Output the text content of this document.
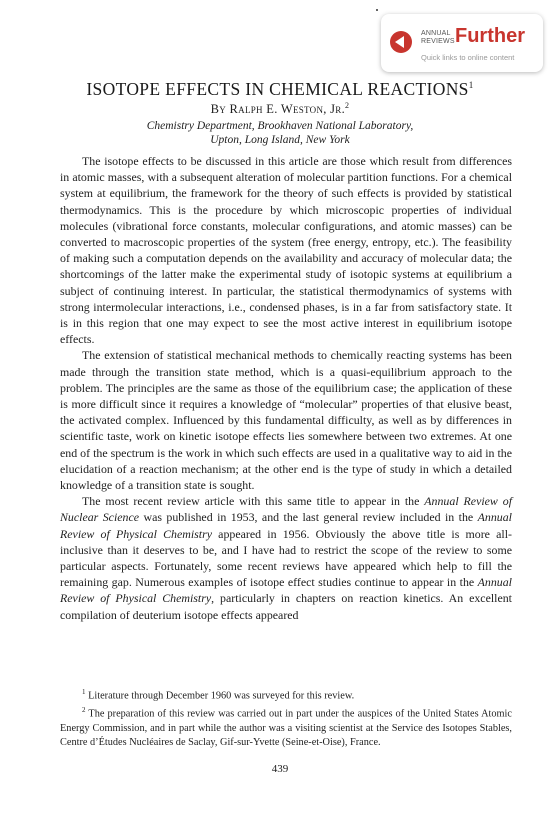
ANNUAL
REVIEWS Further
Quick links to online content
ISOTOPE EFFECTS IN CHEMICAL REACTIONS$^1$
By Ralph E. Weston, Jr.$^2$
Chemistry Department, Brookhaven National Laboratory,
Upton, Long Island, New York

The isotope effects to be discussed in this article are those which result from differences in atomic masses, with a subsequent alteration of molecular partition functions. For a chemical system at equilibrium, the framework for the theory of such effects is provided by statistical thermodynamics. This is the procedure by which microscopic properties of individual molecules (vibrational force constants, molecular configurations, and atomic masses) can be converted to macroscopic properties of the system (free energy, entropy, etc.). The feasibility of making such a computation depends on the availability and accuracy of molecular data; the shortcomings of the latter make the experimental study of isotopic systems at equilibrium a subject of continuing interest. In particular, the statistical thermodynamics of systems with strong intermolecular interactions, i.e., condensed phases, is in a far from satisfactory state. It is in this region that one may expect to see the most active interest in equilibrium isotope effects.

The extension of statistical mechanical methods to chemically reacting systems has been made through the transition state method, which is a quasi-equilibrium approach to the problem. The principles are the same as those of the equilibrium case; the application of these is more difficult since it requires a knowledge of “molecular” properties of that elusive beast, the activated complex. Influenced by this fundamental difficulty, as well as by differences in scientific taste, work on kinetic isotope effects lies somewhere between two extremes. At one end of the spectrum is the work in which such effects are used in a qualitative way to aid in the elucidation of a reaction mechanism; at the other end is the type of study in which a detailed knowledge of a transition state is sought.

The most recent review article with this same title to appear in the Annual Review of Nuclear Science was published in 1953, and the last general review included in the Annual Review of Physical Chemistry appeared in 1956. Obviously the above title is more all-inclusive than it deserves to be, and I have had to restrict the scope of the review to some particular aspects. Fortunately, some recent reviews have appeared which help to fill the remaining gap. Numerous examples of isotope effect studies continue to appear in the Annual Review of Physical Chemistry, particularly in chapters on reaction kinetics. An excellent compilation of deuterium isotope effects appeared

$^1$ Literature through December 1960 was surveyed for this review.

$^2$ The preparation of this review was carried out in part under the auspices of the United States Atomic Energy Commission, and in part while the author was a visiting scientist at the Service des Isotopes Stables, Centre d’Études Nucléaires de Saclay, Gif-sur-Yvette (Seine-et-Oise), France.

439
